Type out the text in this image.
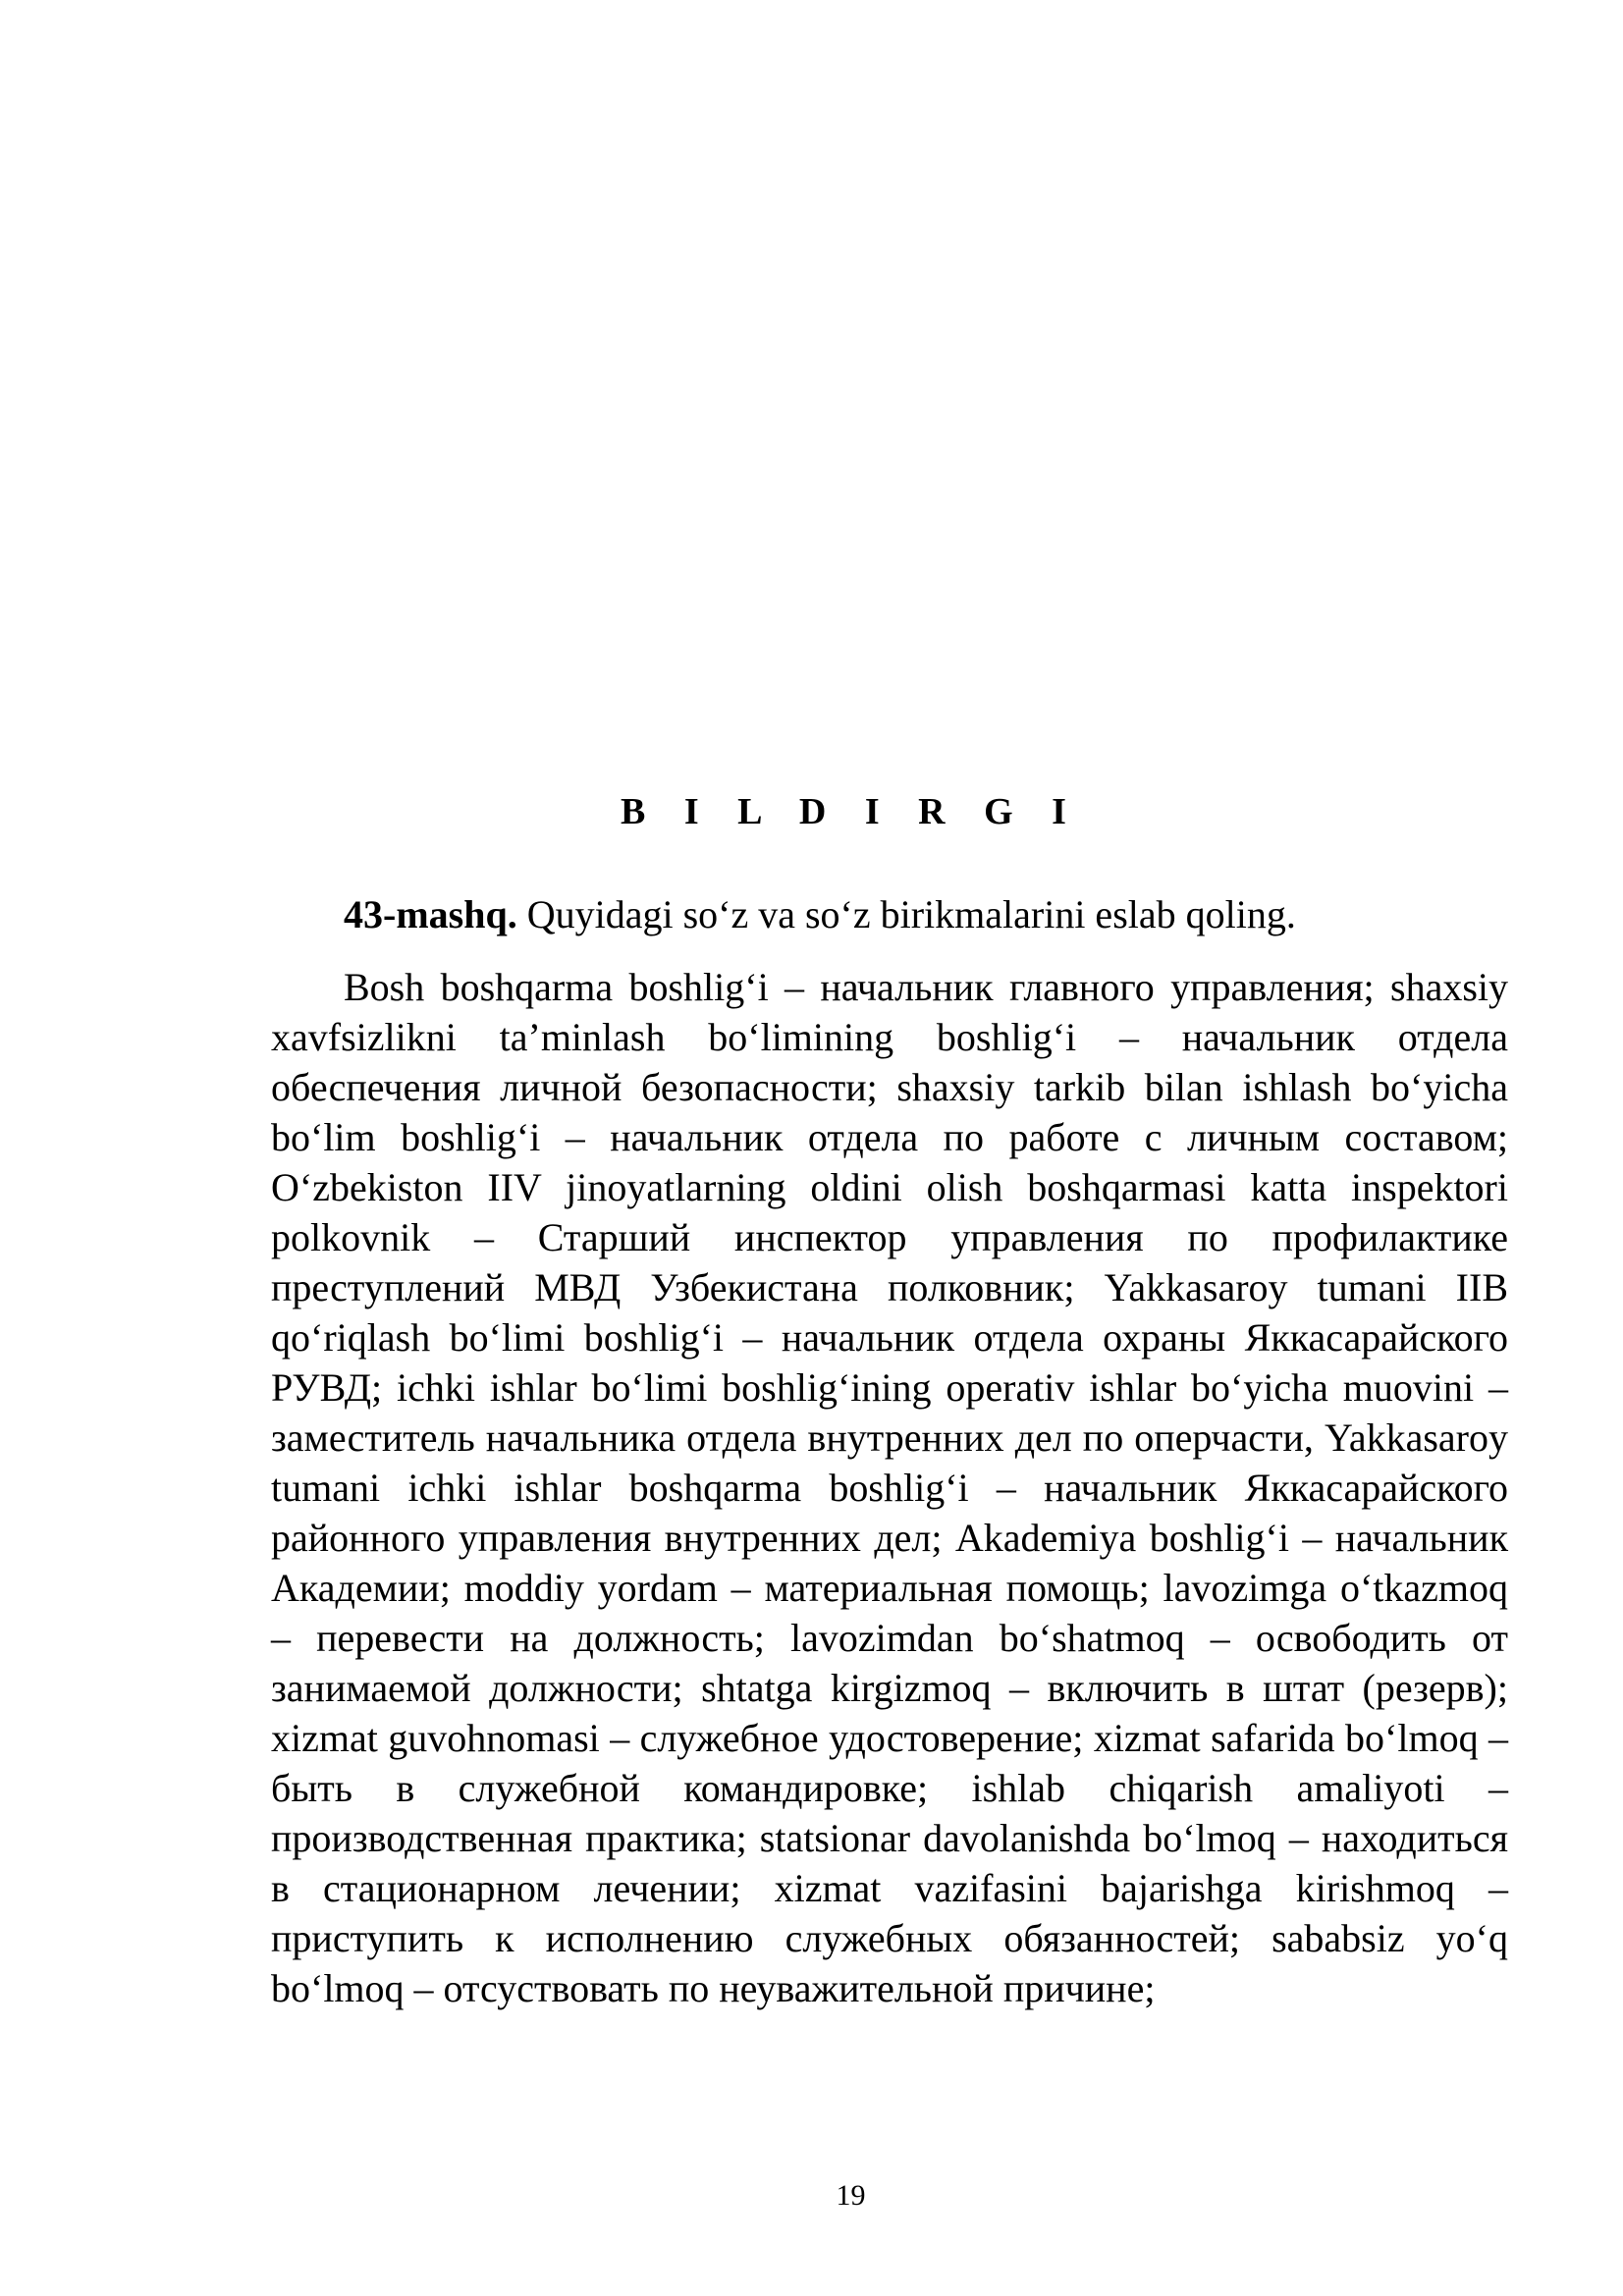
B I L D I R G I
43-mashq. Quyidagi so‘z va so‘z birikmalarini eslab qoling.

Bosh boshqarma boshlig‘i – начальник главного управления; shaxsiy xavfsizlikni ta’minlash bo‘limining boshlig‘i – начальник отдела обеспечения личной безопасности; shaxsiy tarkib bilan ishlash bo‘yicha bo‘lim boshlig‘i – начальник отдела по работе с личным составом; O‘zbekiston IIV jinoyatlarning oldini olish boshqarmasi katta inspektori polkovnik – Старший инспектор управления по профилактике преступлений МВД Узбекистана полковник; Yakkasaroy tumani IIB qo‘riqlash bo‘limi boshlig‘i – начальник отдела охраны Яккасарайского РУВД; ichki ishlar bo‘limi boshlig‘ining operativ ishlar bo‘yicha muovini – заместитель начальника отдела внутренних дел по оперчасти, Yakkasaroy tumani ichki ishlar boshqarma boshlig‘i – начальник Яккасарайского районного управления внутренних дел; Akademiya boshlig‘i – начальник Академии; moddiy yordam – материальная помощь; lavozimga o‘tkazmoq – перевести на должность; lavozimdan bo‘shatmoq – освободить от занимаемой должности; shtatga kirgizmoq – включить в штат (резерв); xizmat guvohnomasi – служебное удостоверение; xizmat safarida bo‘lmoq – быть в служебной командировке; ishlab chiqarish amaliyoti – производственная практика; statsionar davolanishda bo‘lmoq – находиться в стационарном лечении; xizmat vazifasini bajarishga kirishmoq – приступить к исполнению служебных обязанностей; sababsiz yo‘q bo‘lmoq – отсуствовать по неуважительной причине;

19
